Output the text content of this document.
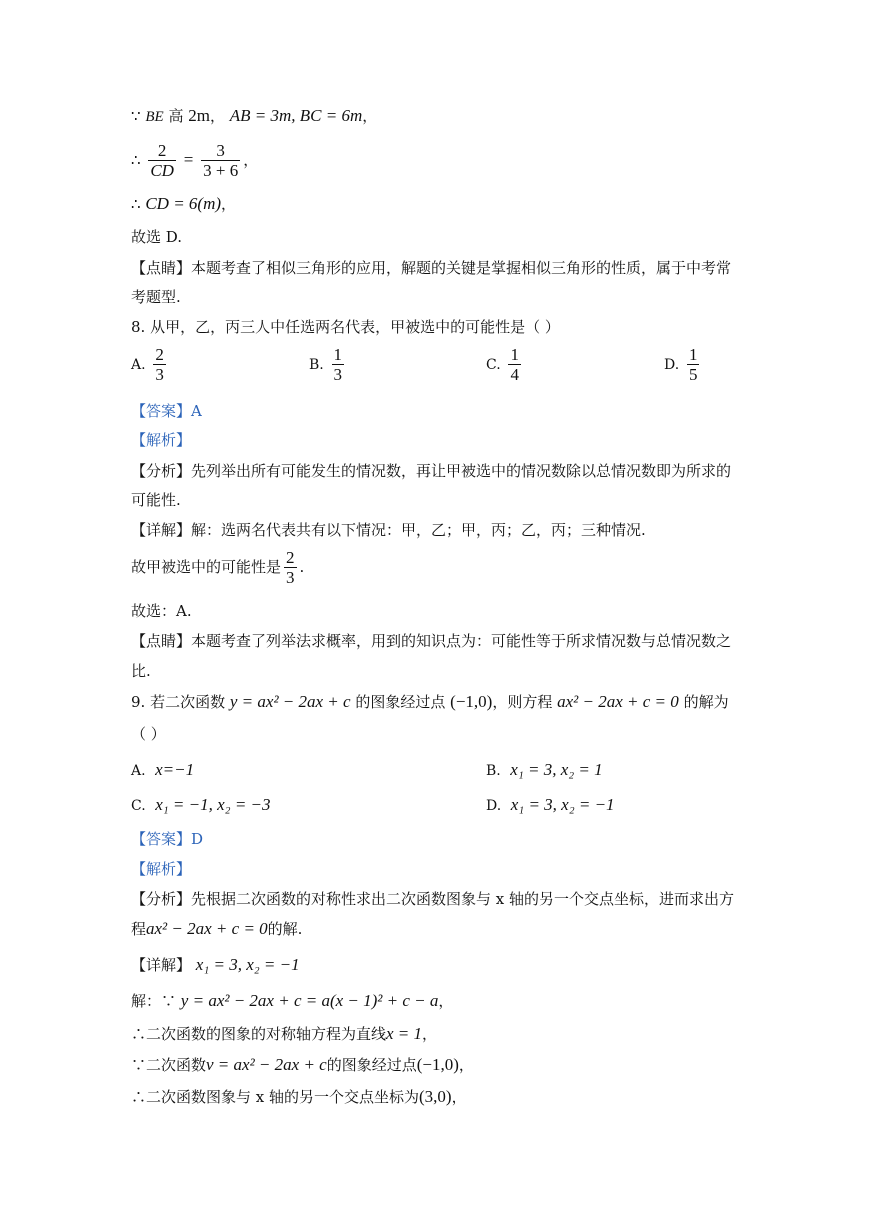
∵ BE 高 2m， AB = 3m, BC = 6m，
∴ $\frac{2}{CD} = \frac{3}{3 + 6}$ ，
∴ CD = 6(m)，
故选 D.
【点睛】本题考查了相似三角形的应用，解题的关键是掌握相似三角形的性质，属于中考常
考题型.
8. 从甲，乙，丙三人中任选两名代表，甲被选中的可能性是（ ）
A. $\frac{2}{3}$	B. $\frac{1}{3}$	C. $\frac{1}{4}$	D. $\frac{1}{5}$
【答案】A
【解析】
【分析】先列举出所有可能发生的情况数，再让甲被选中的情况数除以总情况数即为所求的
可能性.
【详解】解：选两名代表共有以下情况：甲，乙；甲，丙；乙，丙；三种情况.
故甲被选中的可能性是 $\frac{2}{3}$ .
故选：A.
【点睛】本题考查了列举法求概率，用到的知识点为：可能性等于所求情况数与总情况数之
比.
9. 若二次函数 y = ax² − 2ax + c 的图象经过点 (−1,0)，则方程 ax² − 2ax + c = 0 的解为
（ ）
A. x=−1	B. x₁ = 3, x₂ = 1
C. x₁ = −1, x₂ = −3	D. x₁ = 3, x₂ = −1
【答案】D
【解析】
【分析】先根据二次函数的对称性求出二次函数图象与 x 轴的另一个交点坐标，进而求出方
程ax² − 2ax + c = 0的解.
【详解】 x₁ = 3, x₂ = −1
解：∵ y = ax² − 2ax + c = a(x − 1)² + c − a，
∴二次函数的图象的对称轴方程为直线x = 1，
∵二次函数v = ax² − 2ax + c的图象经过点(−1,0)，
∴二次函数图象与 x 轴的另一个交点坐标为(3,0)，
